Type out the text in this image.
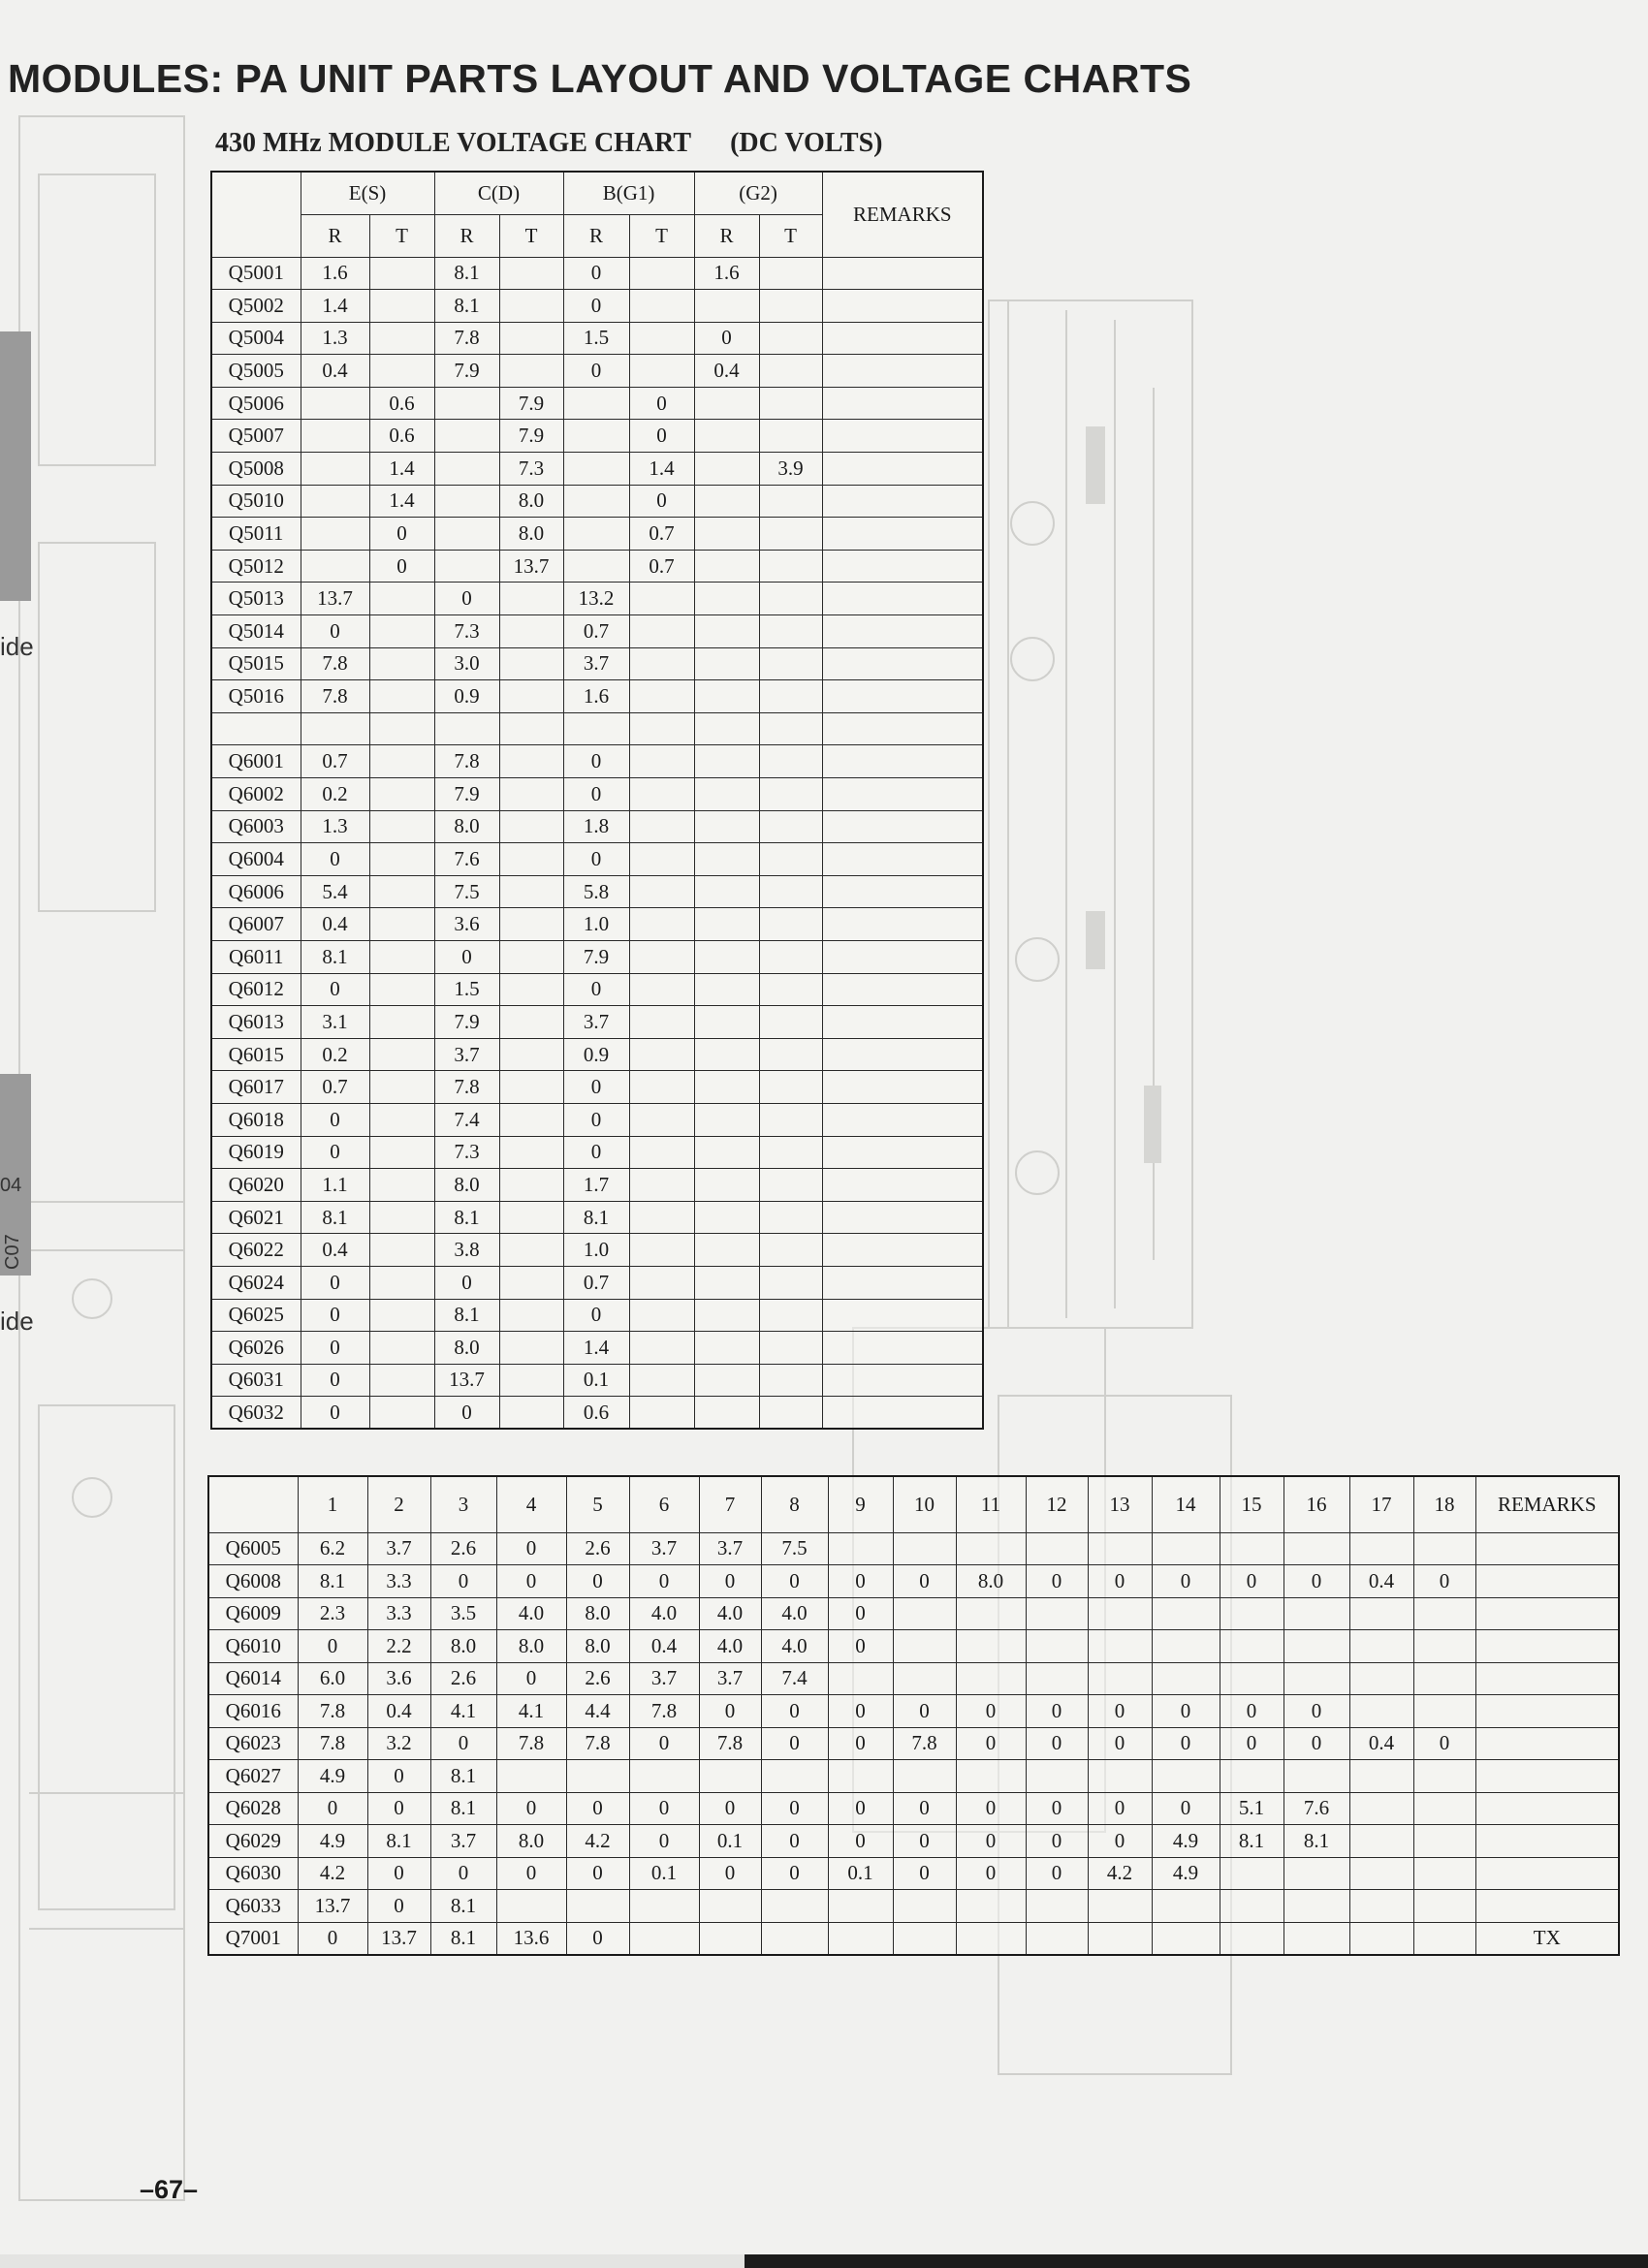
ide
ide
04
C07
MODULES: PA UNIT PARTS LAYOUT AND VOLTAGE CHARTS
430 MHz MODULE VOLTAGE CHART (DC VOLTS)
	E(S)		C(D)		B(G1)		(G2)		REMARKS
	R	T	R	T	R	T	R	T	
Q5001	1.6		8.1		0		1.6		
Q5002	1.4		8.1		0				
Q5004	1.3		7.8		1.5		0		
Q5005	0.4		7.9		0		0.4		
Q5006		0.6		7.9		0			
Q5007		0.6		7.9		0			
Q5008		1.4		7.3		1.4		3.9	
Q5010		1.4		8.0		0			
Q5011		0		8.0		0.7			
Q5012		0		13.7		0.7			
Q5013	13.7		0		13.2				
Q5014	0		7.3		0.7				
Q5015	7.8		3.0		3.7				
Q5016	7.8		0.9		1.6				

Q6001	0.7		7.8		0				
Q6002	0.2		7.9		0				
Q6003	1.3		8.0		1.8				
Q6004	0		7.6		0				
Q6006	5.4		7.5		5.8				
Q6007	0.4		3.6		1.0				
Q6011	8.1		0		7.9				
Q6012	0		1.5		0				
Q6013	3.1		7.9		3.7				
Q6015	0.2		3.7		0.9				
Q6017	0.7		7.8		0				
Q6018	0		7.4		0				
Q6019	0		7.3		0				
Q6020	1.1		8.0		1.7				
Q6021	8.1		8.1		8.1				
Q6022	0.4		3.8		1.0				
Q6024	0		0		0.7				
Q6025	0		8.1		0				
Q6026	0		8.0		1.4				
Q6031	0		13.7		0.1				
Q6032	0		0		0.6				
	1	2	3	4	5	6	7	8	9	10	11	12	13	14	15	16	17	18	REMARKS
Q6005	6.2	3.7	2.6	0	2.6	3.7	3.7	7.5											
Q6008	8.1	3.3	0	0	0	0	0	0	0	0	8.0	0	0	0	0	0	0.4	0	
Q6009	2.3	3.3	3.5	4.0	8.0	4.0	4.0	4.0	0										
Q6010	0	2.2	8.0	8.0	8.0	0.4	4.0	4.0	0										
Q6014	6.0	3.6	2.6	0	2.6	3.7	3.7	7.4											
Q6016	7.8	0.4	4.1	4.1	4.4	7.8	0	0	0	0	0	0	0	0	0	0			
Q6023	7.8	3.2	0	7.8	7.8	0	7.8	0	0	7.8	0	0	0	0	0	0	0.4	0	
Q6027	4.9	0	8.1																
Q6028	0	0	8.1	0	0	0	0	0	0	0	0	0	0	0	5.1	7.6			
Q6029	4.9	8.1	3.7	8.0	4.2	0	0.1	0	0	0	0	0	0	4.9	8.1	8.1			
Q6030	4.2	0	0	0	0	0.1	0	0	0.1	0	0	0	4.2	4.9					
Q6033	13.7	0	8.1																
Q7001	0	13.7	8.1	13.6	0														TX
–67–
